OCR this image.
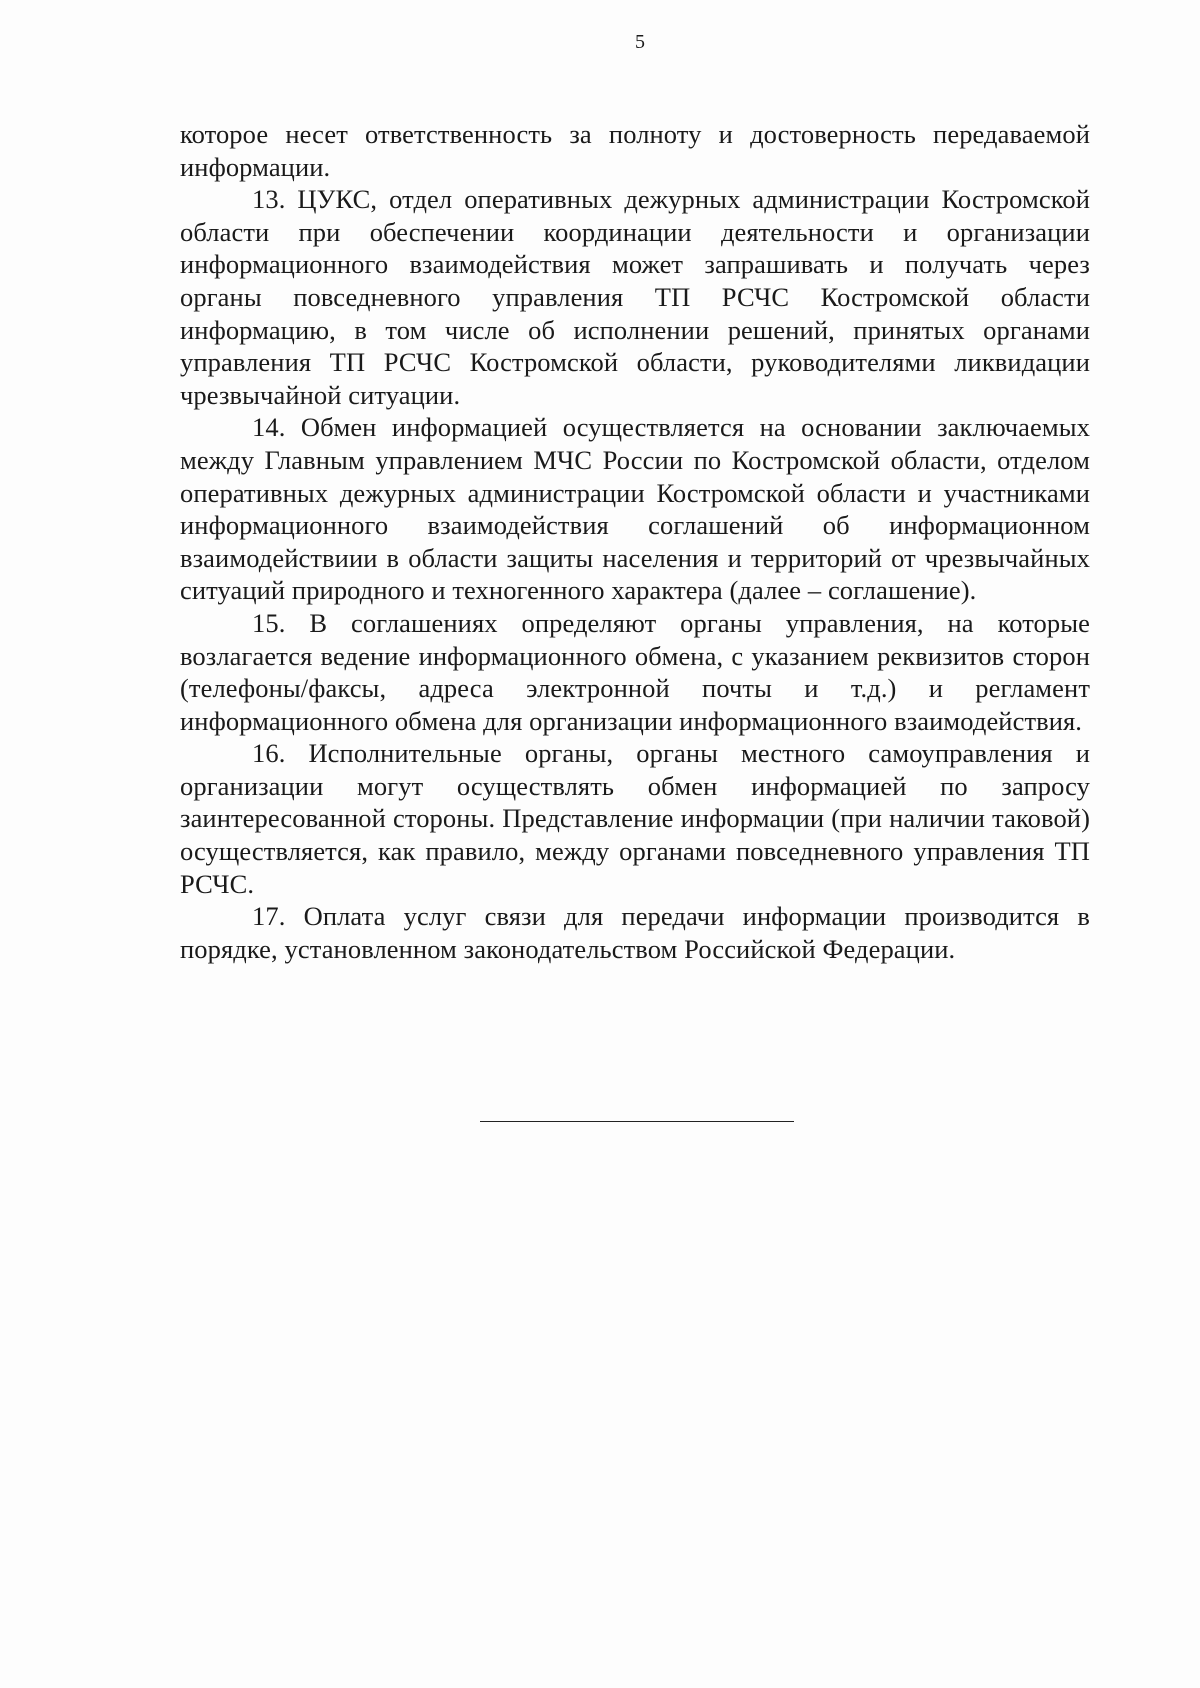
5

которое несет ответственность за полноту и достоверность передаваемой информации.

13. ЦУКС, отдел оперативных дежурных администрации Костромской области при обеспечении координации деятельности и организации информационного взаимодействия может запрашивать и получать через органы повседневного управления ТП РСЧС Костромской области информацию, в том числе об исполнении решений, принятых органами управления ТП РСЧС Костромской области, руководителями ликвидации чрезвычайной ситуации.

14. Обмен информацией осуществляется на основании заключаемых между Главным управлением МЧС России по Костромской области, отделом оперативных дежурных администрации Костромской области и участниками информационного взаимодействия соглашений об информационном взаимодействиии в области защиты населения и территорий от чрезвычайных ситуаций природного и техногенного характера (далее – соглашение).

15. В соглашениях определяют органы управления, на которые возлагается ведение информационного обмена, с указанием реквизитов сторон (телефоны/факсы, адреса электронной почты и т.д.) и регламент информационного обмена для организации информационного взаимодействия.

16. Исполнительные органы, органы местного самоуправления и организации могут осуществлять обмен информацией по запросу заинтересованной стороны. Представление информации (при наличии таковой) осуществляется, как правило, между органами повседневного управления ТП РСЧС.

17. Оплата услуг связи для передачи информации производится в порядке, установленном законодательством Российской Федерации.
